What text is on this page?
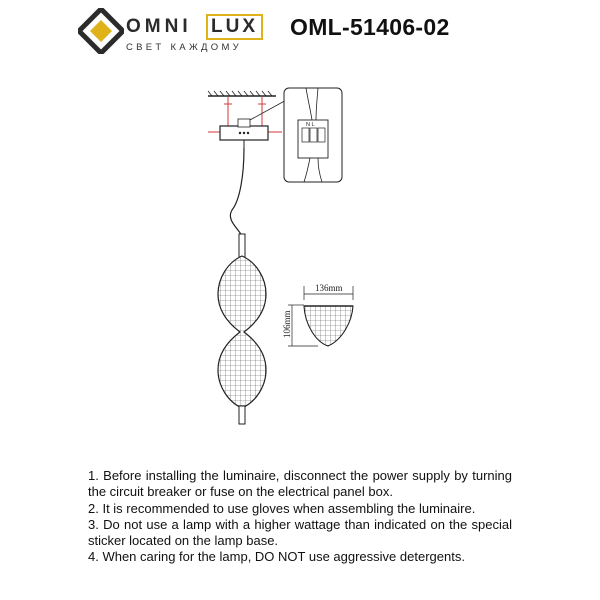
OMNI LUX
СВЕТ КАЖДОМУ
OML-51406-02
N L
136mm
106mm

1. Before installing the luminaire, disconnect the power supply by turning the circuit breaker or fuse on the electrical panel box.

2. It is recommended to use gloves when assembling the luminaire.

3. Do not use a lamp with a higher wattage than indicated on the special sticker located on the lamp base.

4. When caring for the lamp, DO NOT use aggressive detergents.
